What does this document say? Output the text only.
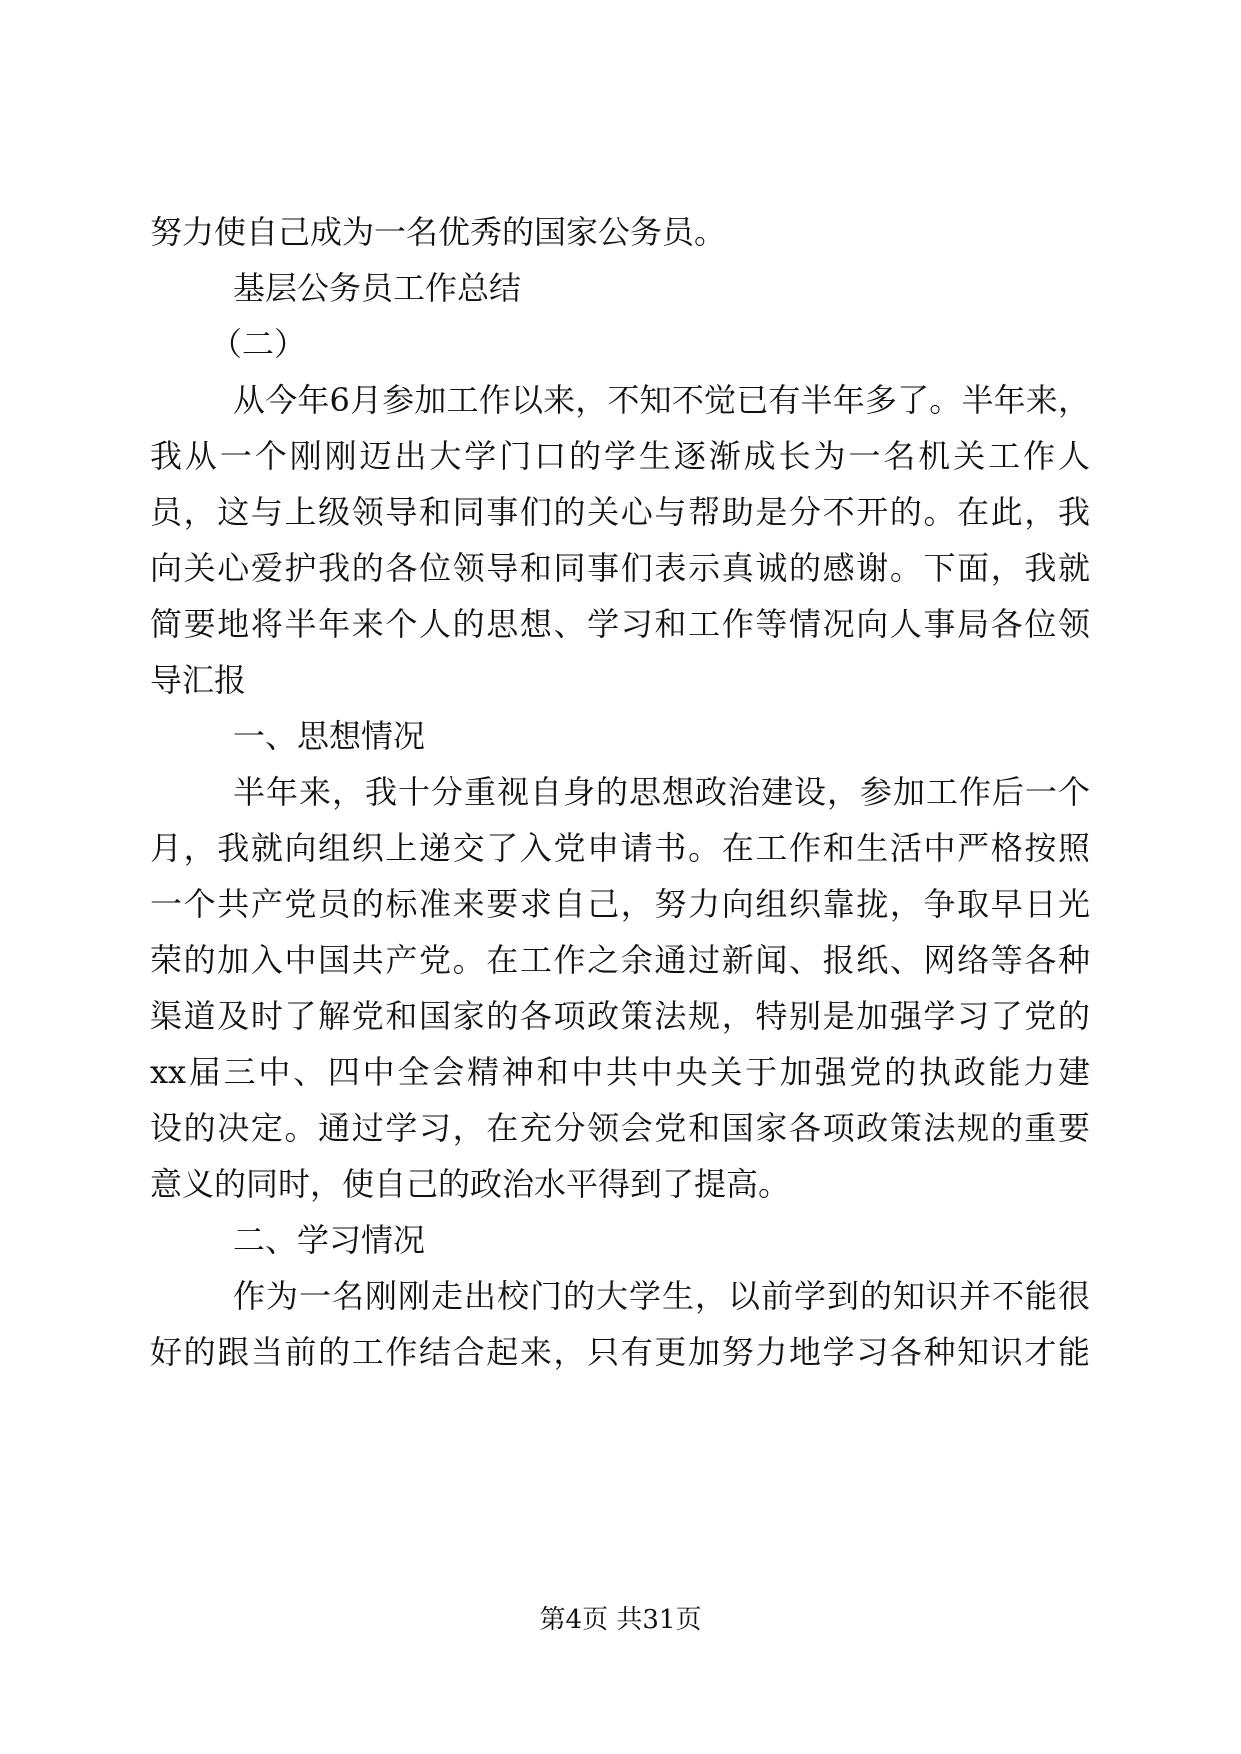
努力使自己成为一名优秀的国家公务员。
基层公务员工作总结
（二）
从今年6月参加工作以来，不知不觉已有半年多了。半年来，
我从一个刚刚迈出大学门口的学生逐渐成长为一名机关工作人
员，这与上级领导和同事们的关心与帮助是分不开的。在此，我
向关心爱护我的各位领导和同事们表示真诚的感谢。下面，我就
简要地将半年来个人的思想、学习和工作等情况向人事局各位领
导汇报
一、思想情况
半年来，我十分重视自身的思想政治建设，参加工作后一个
月，我就向组织上递交了入党申请书。在工作和生活中严格按照
一个共产党员的标准来要求自己，努力向组织靠拢，争取早日光
荣的加入中国共产党。在工作之余通过新闻、报纸、网络等各种
渠道及时了解党和国家的各项政策法规，特别是加强学习了党的
xx届三中、四中全会精神和中共中央关于加强党的执政能力建
设的决定。通过学习，在充分领会党和国家各项政策法规的重要
意义的同时，使自己的政治水平得到了提高。
二、学习情况
作为一名刚刚走出校门的大学生，以前学到的知识并不能很
好的跟当前的工作结合起来，只有更加努力地学习各种知识才能
第4页 共31页
